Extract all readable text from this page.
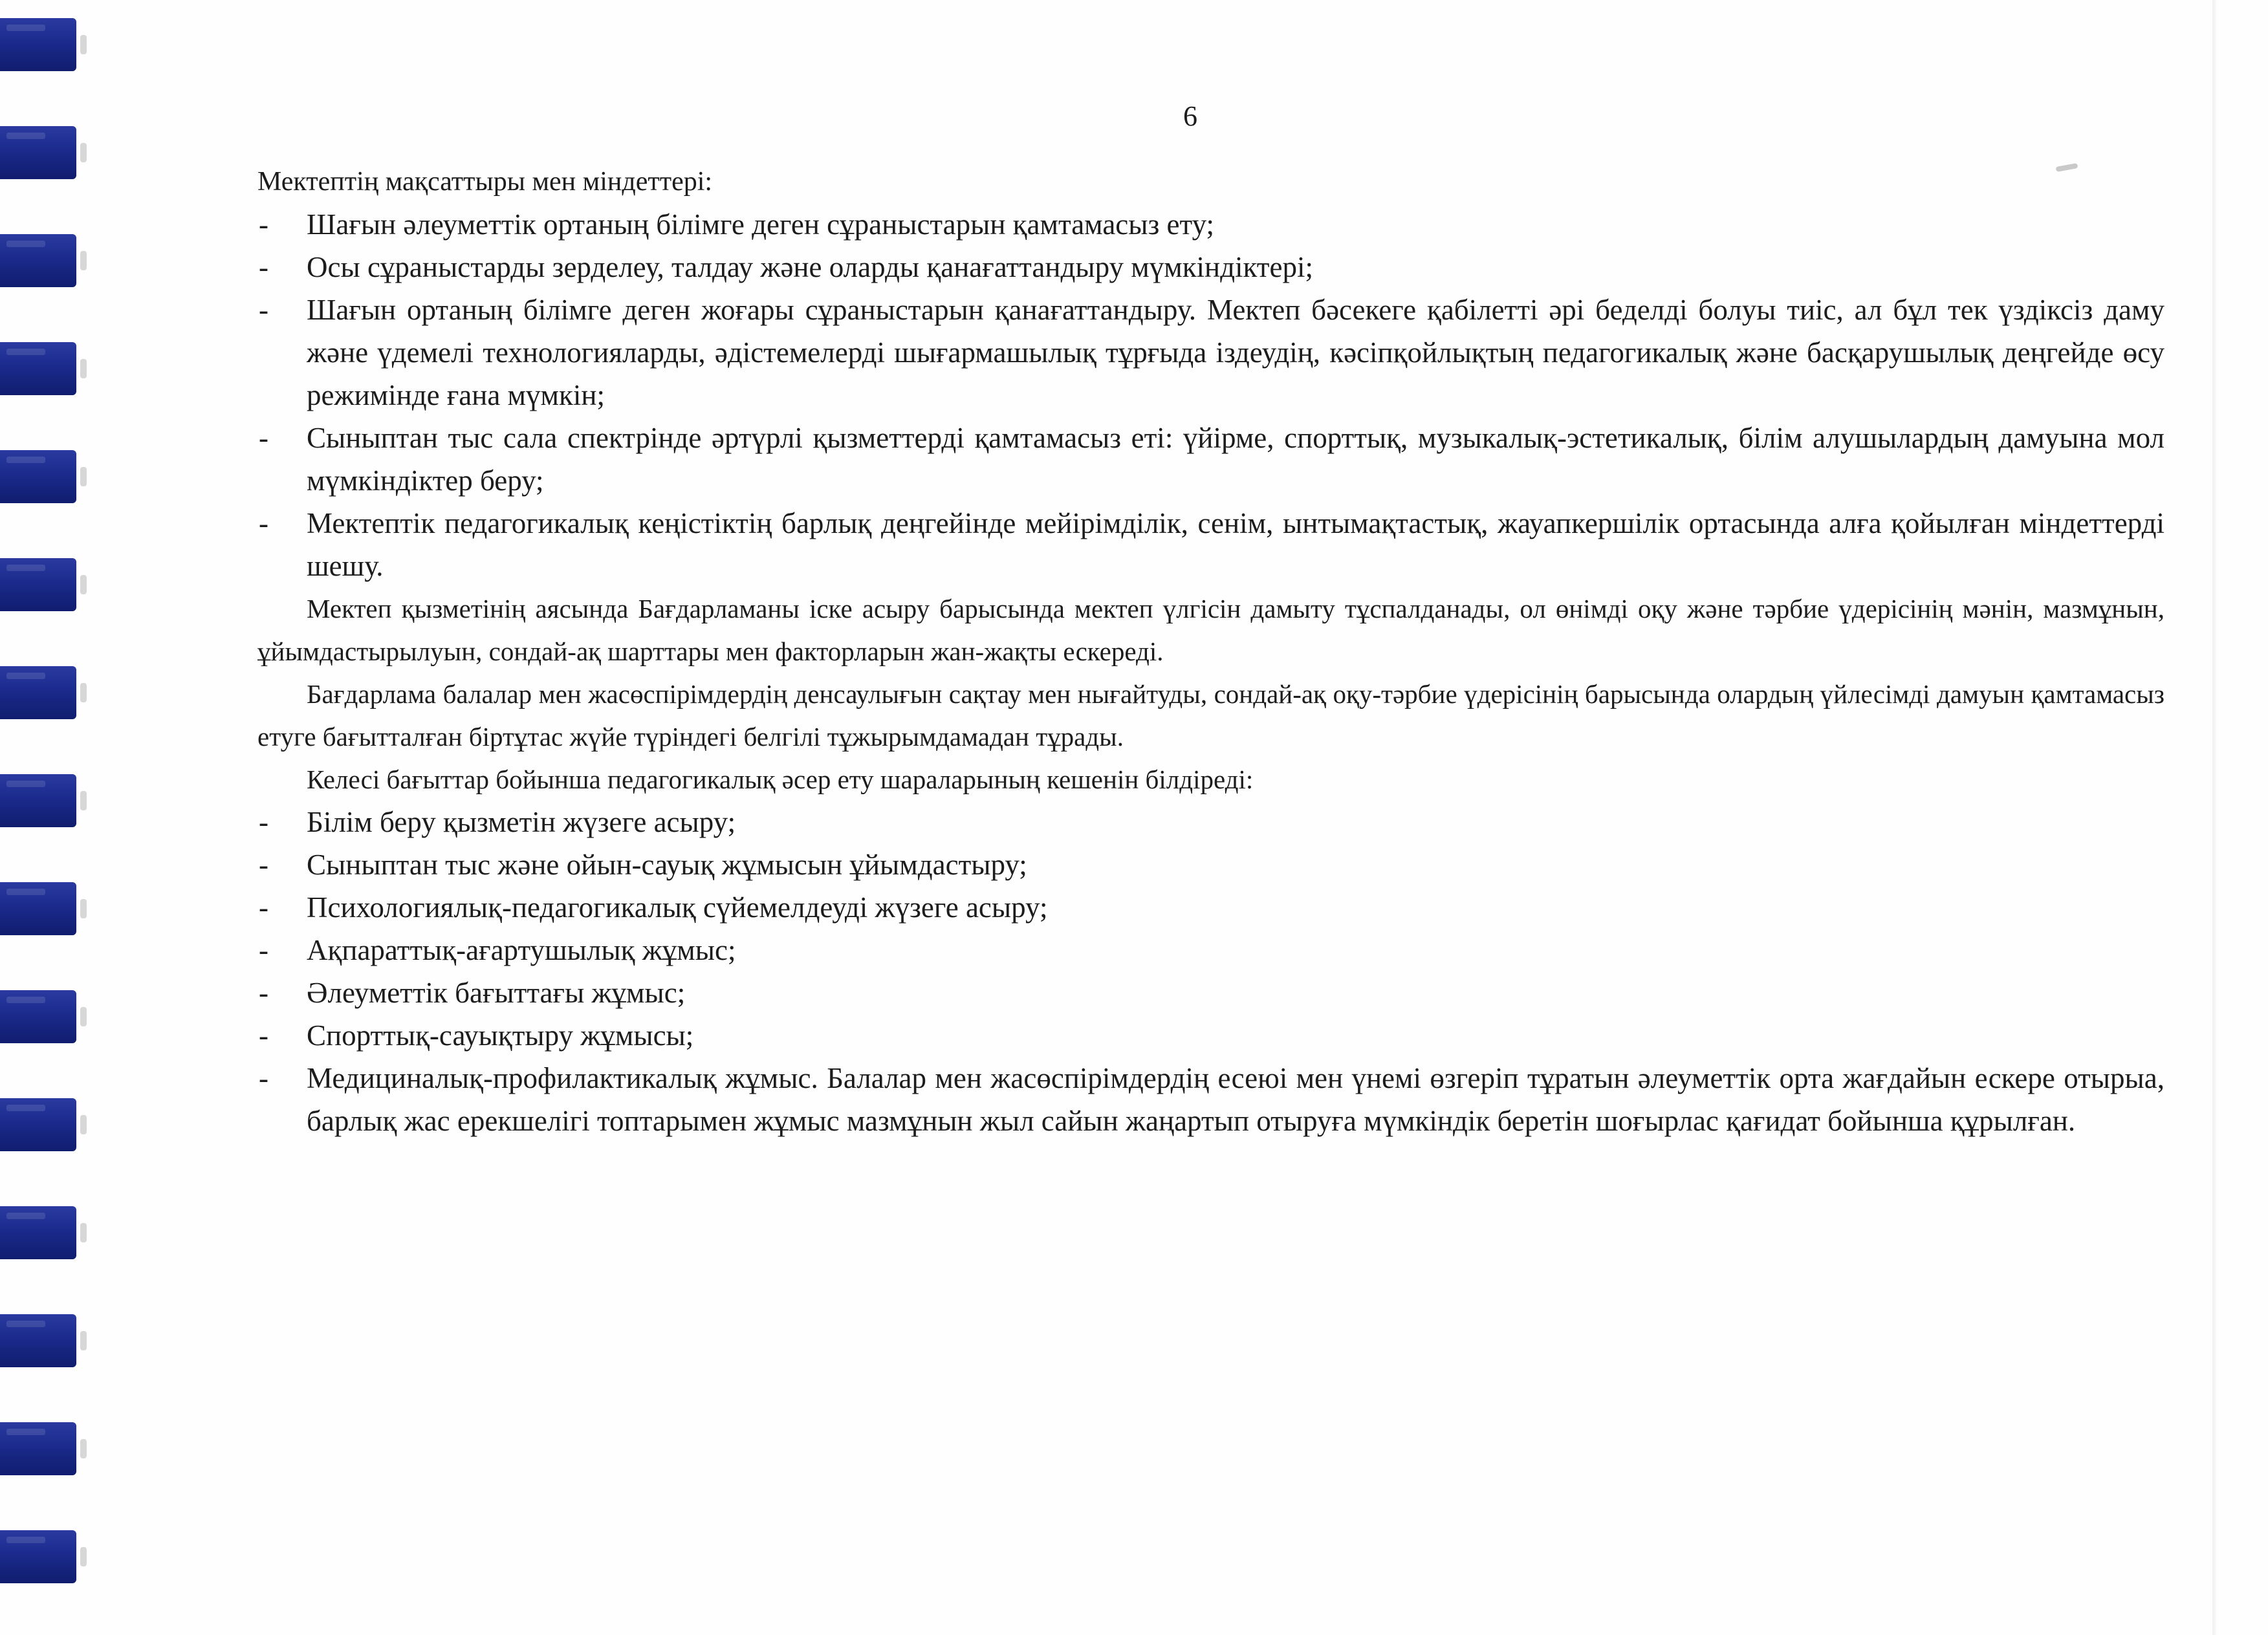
6

Мектептің мақсаттыры мен міндеттері:

- Шағын әлеуметтік ортаның білімге деген сұраныстарын қамтамасыз ету;
- Осы сұраныстарды зерделеу, талдау және оларды қанағаттандыру мүмкіндіктері;
- Шағын ортаның білімге деген жоғары сұраныстарын қанағаттандыру. Мектеп бәсекеге қабілетті әрі беделді болуы тиіс, ал бұл тек үздіксіз даму және үдемелі технологияларды, әдістемелерді шығармашылық тұрғыда іздеудің, кәсіпқойлықтың педагогикалық және басқарушылық деңгейде өсу режимінде ғана мүмкін;
- Сыныптан тыс сала спектрінде әртүрлі қызметтерді қамтамасыз еті: үйірме, спорттық, музыкалық-эстетикалық, білім алушылардың дамуына мол мүмкіндіктер беру;
- Мектептік педагогикалық кеңістіктің барлық деңгейінде мейірімділік, сенім, ынтымақтастық, жауапкершілік ортасында алға қойылған міндеттерді шешу.

Мектеп қызметінің аясында Бағдарламаны іске асыру барысында мектеп үлгісін дамыту тұспалданады, ол өнімді оқу және тәрбие үдерісінің мәнін, мазмұнын, ұйымдастырылуын, сондай-ақ шарттары мен факторларын жан-жақты ескереді.

Бағдарлама балалар мен жасөспірімдердің денсаулығын сақтау мен нығайтуды, сондай-ақ оқу-тәрбие үдерісінің барысында олардың үйлесімді дамуын қамтамасыз етуге бағытталған біртұтас жүйе түріндегі белгілі тұжырымдамадан тұрады.

Келесі бағыттар бойынша педагогикалық әсер ету шараларының кешенін білдіреді:

- Білім беру қызметін жүзеге асыру;
- Сыныптан тыс және ойын-сауық жұмысын ұйымдастыру;
- Психологиялық-педагогикалық сүйемелдеуді жүзеге асыру;
- Ақпараттық-ағартушылық жұмыс;
- Әлеуметтік бағыттағы жұмыс;
- Спорттық-сауықтыру жұмысы;
- Медициналық-профилактикалық жұмыс. Балалар мен жасөспірімдердің есеюі мен үнемі өзгеріп тұратын әлеуметтік орта жағдайын ескере отырыа, барлық жас ерекшелігі топтарымен жұмыс мазмұнын жыл сайын жаңартып отыруға мүмкіндік беретін шоғырлас қағидат бойынша құрылған.
